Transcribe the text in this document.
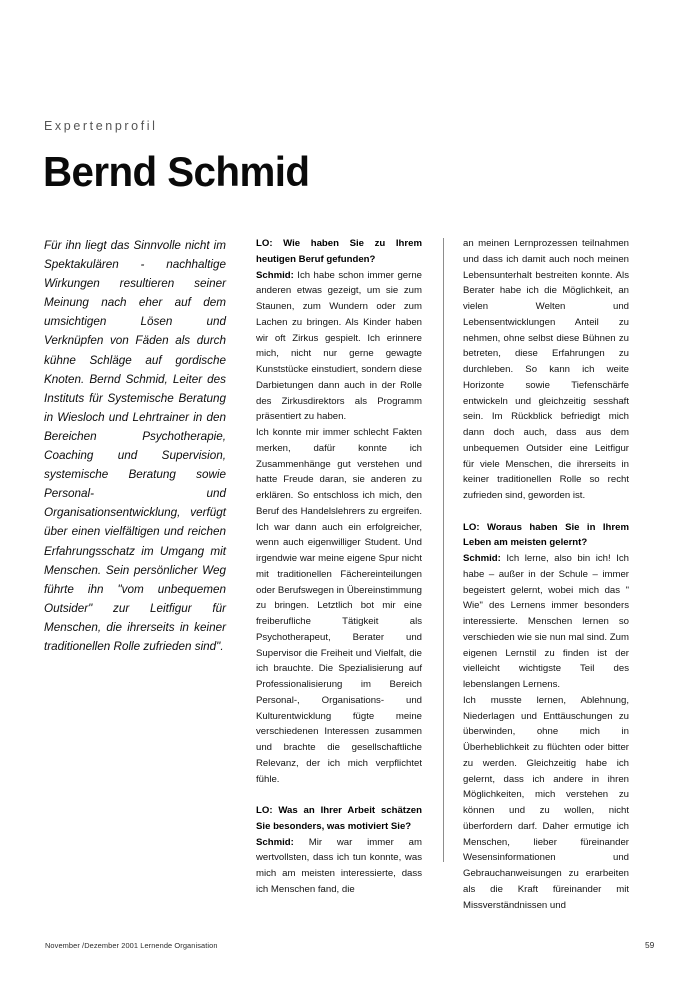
Expertenprofil
Bernd Schmid

Für ihn liegt das Sinnvolle nicht im Spektakulären - nachhaltige Wirkungen resultieren seiner Meinung nach eher auf dem umsichtigen Lösen und Verknüpfen von Fäden als durch kühne Schläge auf gordische Knoten. Bernd Schmid, Leiter des Instituts für Systemische Beratung in Wiesloch und Lehrtrainer in den Bereichen Psychotherapie, Coaching und Supervision, systemische Beratung sowie Personal- und Organisationsentwicklung, verfügt über einen vielfältigen und reichen Erfahrungsschatz im Umgang mit Menschen. Sein persönlicher Weg führte ihn "vom unbequemen Outsider" zur Leitfigur für Menschen, die ihrerseits in keiner traditionellen Rolle zufrieden sind".

LO: Wie haben Sie zu Ihrem heutigen Beruf gefunden?

Schmid: Ich habe schon immer gerne anderen etwas gezeigt, um sie zum Staunen, zum Wundern oder zum Lachen zu bringen. Als Kinder haben wir oft Zirkus gespielt. Ich erinnere mich, nicht nur gerne gewagte Kunststücke einstudiert, sondern diese Darbietungen dann auch in der Rolle des Zirkusdirektors als Programm präsentiert zu haben.

Ich konnte mir immer schlecht Fakten merken, dafür konnte ich Zusammenhänge gut verstehen und hatte Freude daran, sie anderen zu erklären. So entschloss ich mich, den Beruf des Handelslehrers zu ergreifen. Ich war dann auch ein erfolgreicher, wenn auch eigenwilliger Student. Und irgendwie war meine eigene Spur nicht mit traditionellen Fächereinteilungen oder Berufswegen in Übereinstimmung zu bringen. Letztlich bot mir eine freiberufliche Tätigkeit als Psychotherapeut, Berater und Supervisor die Freiheit und Vielfalt, die ich brauchte. Die Spezialisierung auf Professionalisierung im Bereich Personal-, Organisations- und Kulturentwicklung fügte meine verschiedenen Interessen zusammen und brachte die gesellschaftliche Relevanz, der ich mich verpflichtet fühle.

LO: Was an Ihrer Arbeit schätzen Sie besonders, was motiviert Sie?

Schmid: Mir war immer am wertvollsten, dass ich tun konnte, was mich am meisten interessierte, dass ich Menschen fand, die

an meinen Lernprozessen teilnahmen und dass ich damit auch noch meinen Lebensunterhalt bestreiten konnte. Als Berater habe ich die Möglichkeit, an vielen Welten und Lebensentwicklungen Anteil zu nehmen, ohne selbst diese Bühnen zu betreten, diese Erfahrungen zu durchleben. So kann ich weite Horizonte sowie Tiefenschärfe entwickeln und gleichzeitig sesshaft sein. Im Rückblick befriedigt mich dann doch auch, dass aus dem unbequemen Outsider eine Leitfigur für viele Menschen, die ihrerseits in keiner traditionellen Rolle so recht zufrieden sind, geworden ist.

LO: Woraus haben Sie in Ihrem Leben am meisten gelernt?

Schmid: Ich lerne, also bin ich! Ich habe – außer in der Schule – immer begeistert gelernt, wobei mich das " Wie" des Lernens immer besonders interessierte. Menschen lernen so verschieden wie sie nun mal sind. Zum eigenen Lernstil zu finden ist der vielleicht wichtigste Teil des lebenslangen Lernens.

Ich musste lernen, Ablehnung, Niederlagen und Enttäuschungen zu überwinden, ohne mich in Überheblichkeit zu flüchten oder bitter zu werden. Gleichzeitig habe ich gelernt, dass ich andere in ihren Möglichkeiten, mich verstehen zu können und zu wollen, nicht überfordern darf. Daher ermutige ich Menschen, lieber füreinander Wesensinformationen und Gebrauchanweisungen zu erarbeiten als die Kraft füreinander mit Missverständnissen und

November /Dezember 2001 Lernende Organisation	59
